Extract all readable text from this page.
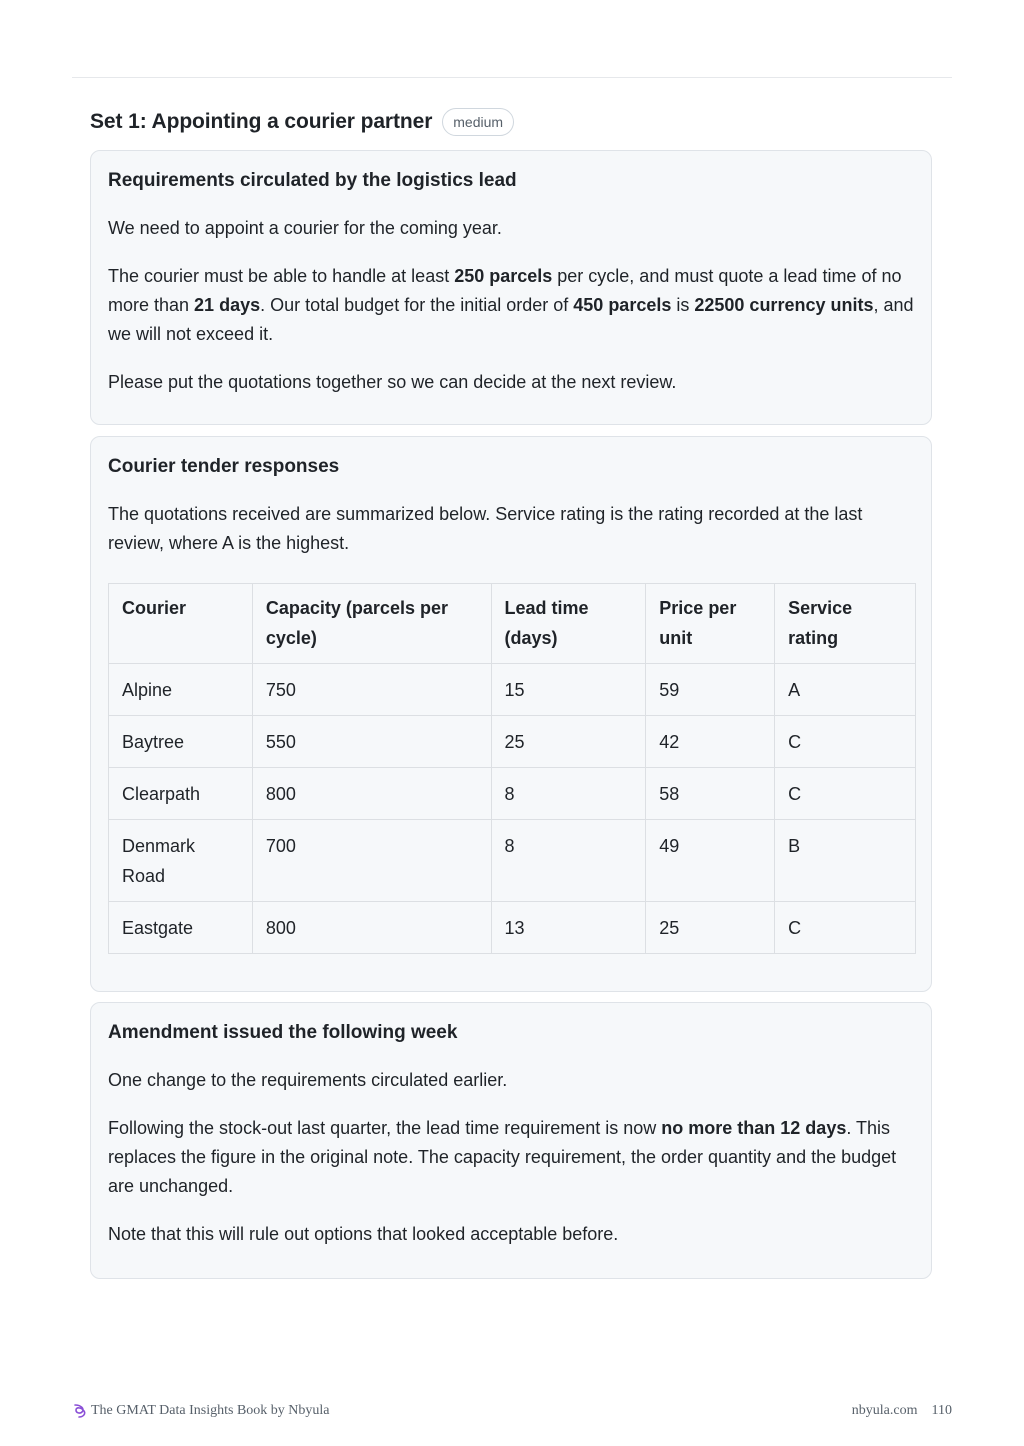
Set 1: Appointing a courier partner	medium
Requirements circulated by the logistics lead

We need to appoint a courier for the coming year.

The courier must be able to handle at least 250 parcels per cycle, and must quote a lead time of no more than 21 days. Our total budget for the initial order of 450 parcels is 22500 currency units, and we will not exceed it.

Please put the quotations together so we can decide at the next review.

Courier tender responses

The quotations received are summarized below. Service rating is the rating recorded at the last review, where A is the highest.

Courier	Capacity (parcels per cycle)	Lead time (days)	Price per unit	Service rating
Alpine	750	15	59	A
Baytree	550	25	42	C
Clearpath	800	8	58	C
Denmark Road	700	8	49	B
Eastgate	800	13	25	C
Amendment issued the following week

One change to the requirements circulated earlier.

Following the stock-out last quarter, the lead time requirement is now no more than 12 days. This replaces the figure in the original note. The capacity requirement, the order quantity and the budget are unchanged.

Note that this will rule out options that looked acceptable before.

The GMAT Data Insights Book by Nbyula	nbyula.com 110
